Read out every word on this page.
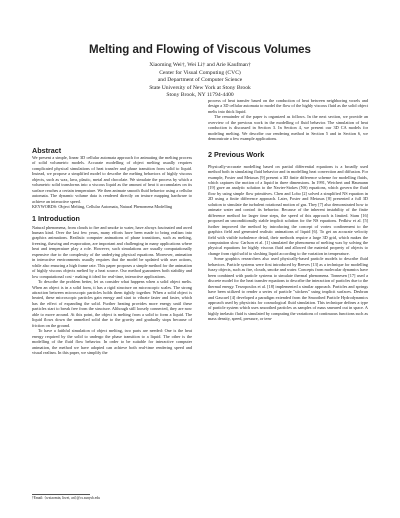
Melting and Flowing of Viscous Volumes
Xiaoming Wei†, Wei Li† and Arie Kaufman†
Center for Visual Computing (CVC)
and Department of Computer Science
State University of New York at Stony Brook
Stony Brook, NY 11794-4400
Abstract

We present a simple, linear 3D cellular automata approach for animating the melting process of solid volumetric models. Accurate modelling of object melting usually requires complicated physical simulations of heat transfer and phase transition from solid to liquid. Instead, we propose a simplified model to describe the melting behaviors of highly viscous objects, such as wax, lava, plastic, metal and chocolate. We simulate the process by which a volumetric solid transforms into a viscous liquid as the amount of heat it accumulates on its surface reaches a certain temperature. We then animate smooth fluid behavior using a cellular automata. The dynamic volume data is rendered directly on texture mapping hardware to achieve an interactive speed.

KEYWORDS: Object Melting, Cellular Automata, Natural Phenomena Modelling

1 Introduction

Natural phenomena, from clouds to fire and smoke to water, have always fascinated and awed human kind. Over the last few years, many efforts have been made to bring realism into graphics animations. Realistic computer animations of phase transitions, such as melting, freezing, thawing and evaporation, are important and challenging in many applications where heat and temperature play a role. However, such simulations are usually computationally expensive due to the complexity of the underlying physical equations. Moreover, animation in interactive environments usually requires that the model be updated with user actions, while also ensuring a high frame rate. This paper proposes a simple method for the animation of highly viscous objects melted by a heat source. Our method guarantees both stability and low computational cost - making it ideal for real-time, interactive applications.

To describe the problem better, let us consider what happens when a solid object melts. When an object is in a solid form, it has a rigid structure on microscopic scales. The strong attraction between microscopic particles holds them tightly together. When a solid object is heated, these microscopic particles gain energy and start to vibrate faster and faster, which has the effect of expanding the solid. Further heating provides more energy until these particles start to break free from the structure. Although still loosely connected, they are now able to move around. At this point, the object is melting from a solid to form a liquid. The liquid flows down the unmelted solid due to the gravity and gradually stops because of friction on the ground.

To have a faithful simulation of object melting, two parts are needed: One is the heat energy required by the solid to undergo the phase transition to a liquid. The other is the modelling of the fluid flow behavior. In order to be suitable for interactive computer animation, the method we have adopted can achieve both real-time rendering speed and visual realism. In this paper, we simplify the

†Email: {wxiaomin, liwei, ari}@cs.sunysb.edu

process of heat transfer based on the conduction of heat between neighboring voxels and design a 3D cellular automata to model the flow of the highly viscous fluid as the solid object melts into thick liquid.

The remainder of the paper is organized as follows. In the next section, we provide an overview of the previous work in the modelling of fluid behavior. The simulation of heat conduction is discussed in Section 3. In Section 4, we present our 3D CA models for modeling melting. We describe our rendering method in Section 5 and in Section 6, we demonstrate a few example applications.

2 Previous Work

Physically-accurate modelling based on partial differential equations is a broadly used method both in simulating fluid behavior and in modelling heat convection and diffusion. For example, Foster and Metaxas [9] present a 3D finite difference scheme for modelling fluids, which captures the motion of a liquid in three dimensions. In 1991, Weichert and Haumann [19] gave an analytic solution to the Navier-Stokes (NS) equations, which govern the fluid flow by using simple flow primitives. Chen and Lobo [2] solved a simplified NS equation in 2D using a finite difference approach. Later, Foster and Metaxas [8] presented a full 3D solution to simulate the turbulent rotational motion of gas. They [7] also demonstrated how to animate water and control its behavior. Because of the inherent instability of the finite difference method for larger time steps, the speed of this approach is limited. Stam [16] proposed an unconditionally stable implicit solution for the NS equations. Fedkiw et al. [5] further improved the method by introducing the concept of vortex confinement to the graphics field and generated realistic animations of liquid [6]. To get an accurate velocity field with visible turbulence detail, their methods require a large 3D grid, which makes the computation slow. Carlson et al. [1] simulated the phenomena of melting wax by solving the physical equations for highly viscous fluid and allowed the material property of objects to change from rigid solid to sloshing liquid according to the variation in temperature.

Some graphics researchers also used physically-based particle models to describe fluid behaviors. Particle systems were first introduced by Reeves [13] as a technique for modelling fuzzy objects, such as fire, clouds, smoke and water. Concepts from molecular dynamics have been combined with particle systems to simulate thermal phenomena. Tonnesen [17] used a discrete model for the heat transfer equations to describe the interaction of particles due to the thermal energy. Terzopoulos et al. [18] implemented a similar approach. Particles and springs have been utilized to render a series of particle "stickers" using implicit surfaces. Desbrun and Gascuel [4] developed a paradigm extended from the Smoothed Particle Hydrodynamics approach used by physicists for cosmological fluid simulation. This technique defines a type of particle system which uses smoothed particles as samples of mass smeared out in space. A highly inelastic fluid is simulated by computing the variations of continuous functions such as mass density, speed, pressure, or tem-
